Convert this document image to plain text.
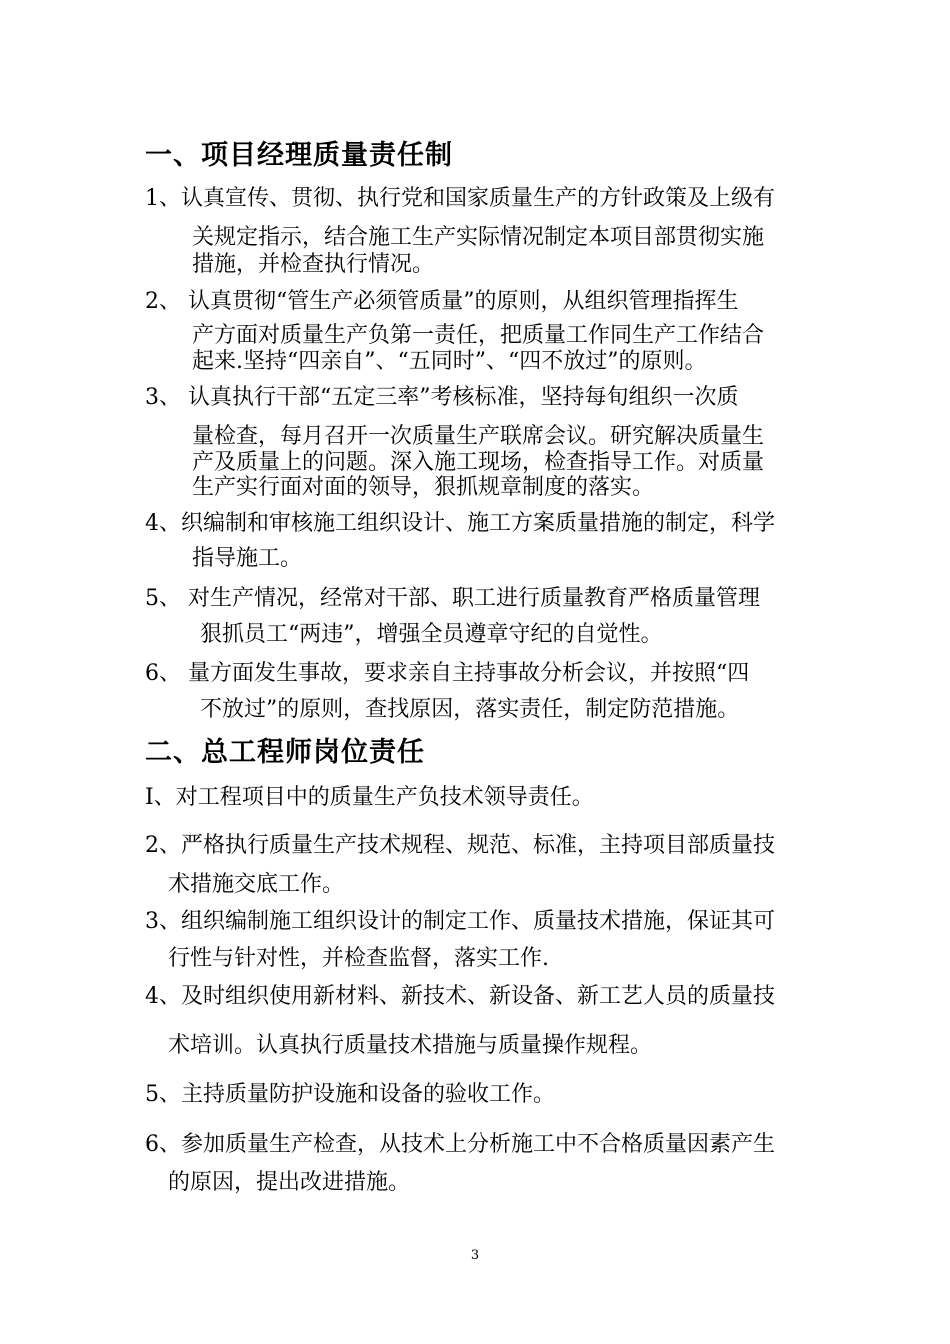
一、项目经理质量责任制
1、认真宣传、贯彻、执行党和国家质量生产的方针政策及上级有
关规定指示，结合施工生产实际情况制定本项目部贯彻实施
措施，并检查执行情况。
2、 认真贯彻“管生产必须管质量”的原则，从组织管理指挥生
产方面对质量生产负第一责任，把质量工作同生产工作结合
起来.坚持“四亲自”、“五同时”、“四不放过”的原则。
3、 认真执行干部“五定三率”考核标准，坚持每旬组织一次质
量检查，每月召开一次质量生产联席会议。研究解决质量生
产及质量上的问题。深入施工现场，检查指导工作。对质量
生产实行面对面的领导，狠抓规章制度的落实。
4、织编制和审核施工组织设计、施工方案质量措施的制定，科学
指导施工。
5、 对生产情况，经常对干部、职工进行质量教育严格质量管理
狠抓员工“两违”，增强全员遵章守纪的自觉性。
6、 量方面发生事故，要求亲自主持事故分析会议，并按照“四
不放过”的原则，查找原因，落实责任，制定防范措施。
二、总工程师岗位责任
I、对工程项目中的质量生产负技术领导责任。
2、严格执行质量生产技术规程、规范、标准，主持项目部质量技
术措施交底工作。
3、组织编制施工组织设计的制定工作、质量技术措施，保证其可
行性与针对性，并检查监督，落实工作.
4、及时组织使用新材料、新技术、新设备、新工艺人员的质量技
术培训。认真执行质量技术措施与质量操作规程。
5、主持质量防护设施和设备的验收工作。
6、参加质量生产检查，从技术上分析施工中不合格质量因素产生
的原因，提出改进措施。
3
